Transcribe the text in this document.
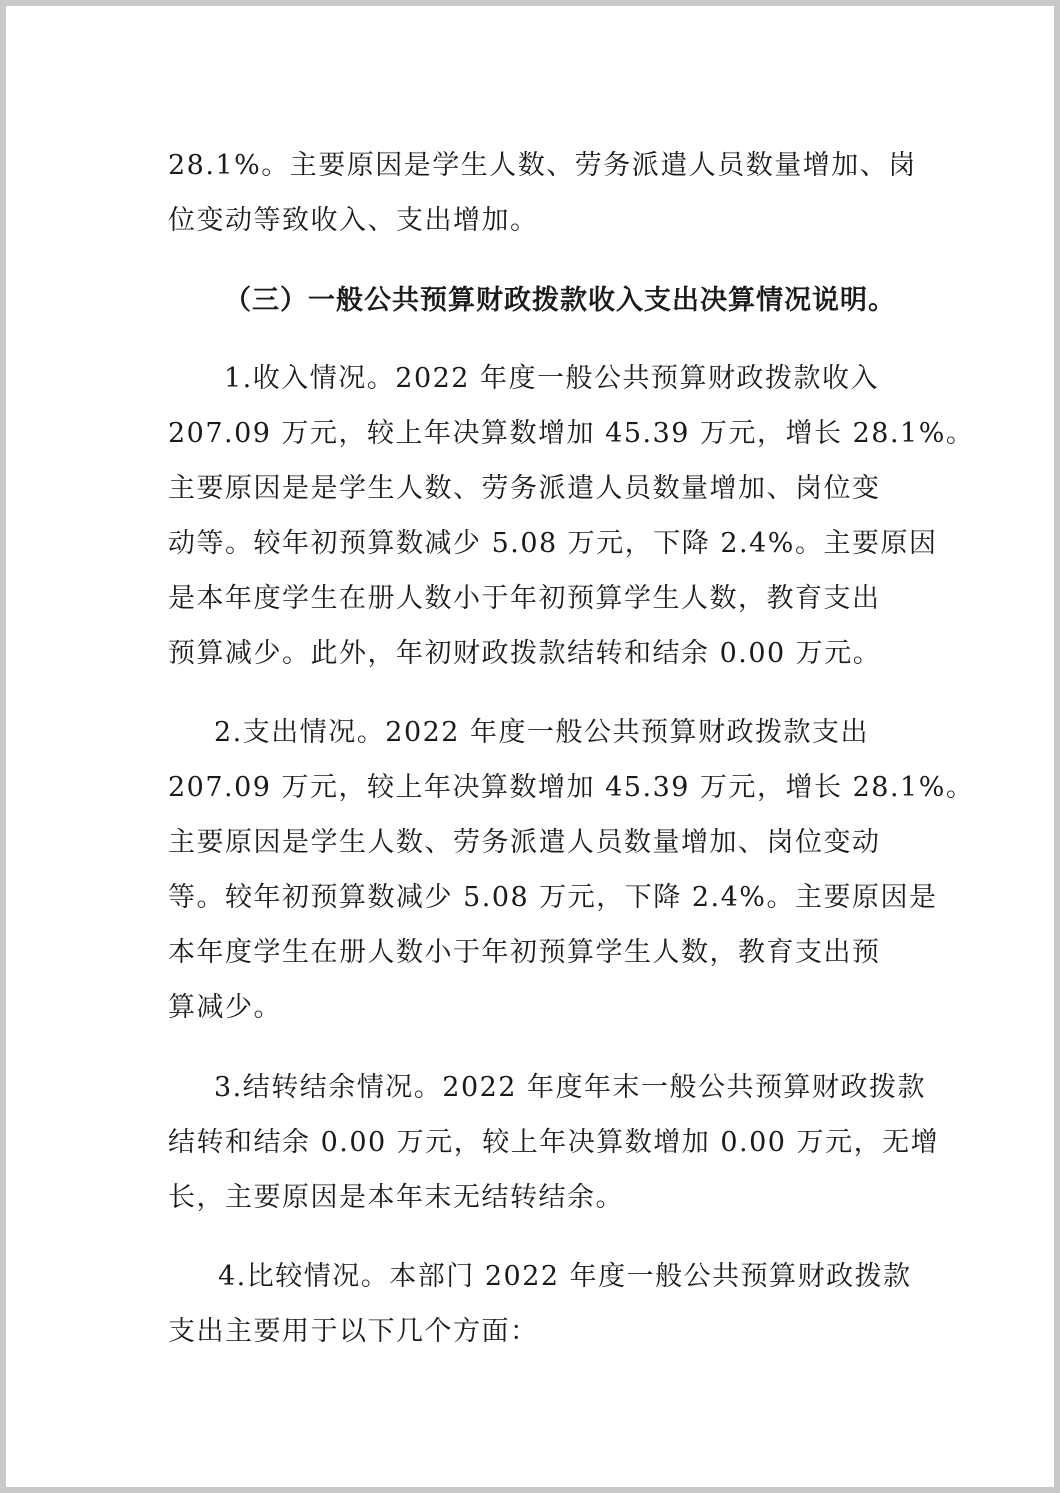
28.1%。主要原因是学生人数、劳务派遣人员数量增加、岗

位变动等致收入、支出增加。

（三）一般公共预算财政拨款收入支出决算情况说明。

1.收入情况。2022 年度一般公共预算财政拨款收入

207.09 万元，较上年决算数增加 45.39 万元，增长 28.1%。

主要原因是是学生人数、劳务派遣人员数量增加、岗位变

动等。较年初预算数减少 5.08 万元，下降 2.4%。主要原因

是本年度学生在册人数小于年初预算学生人数，教育支出

预算减少。此外，年初财政拨款结转和结余 0.00 万元。

2.支出情况。2022 年度一般公共预算财政拨款支出

207.09 万元，较上年决算数增加 45.39 万元，增长 28.1%。

主要原因是学生人数、劳务派遣人员数量增加、岗位变动

等。较年初预算数减少 5.08 万元，下降 2.4%。主要原因是

本年度学生在册人数小于年初预算学生人数，教育支出预

算减少。

3.结转结余情况。2022 年度年末一般公共预算财政拨款

结转和结余 0.00 万元，较上年决算数增加 0.00 万元，无增

长，主要原因是本年末无结转结余。

4.比较情况。本部门 2022 年度一般公共预算财政拨款

支出主要用于以下几个方面：
